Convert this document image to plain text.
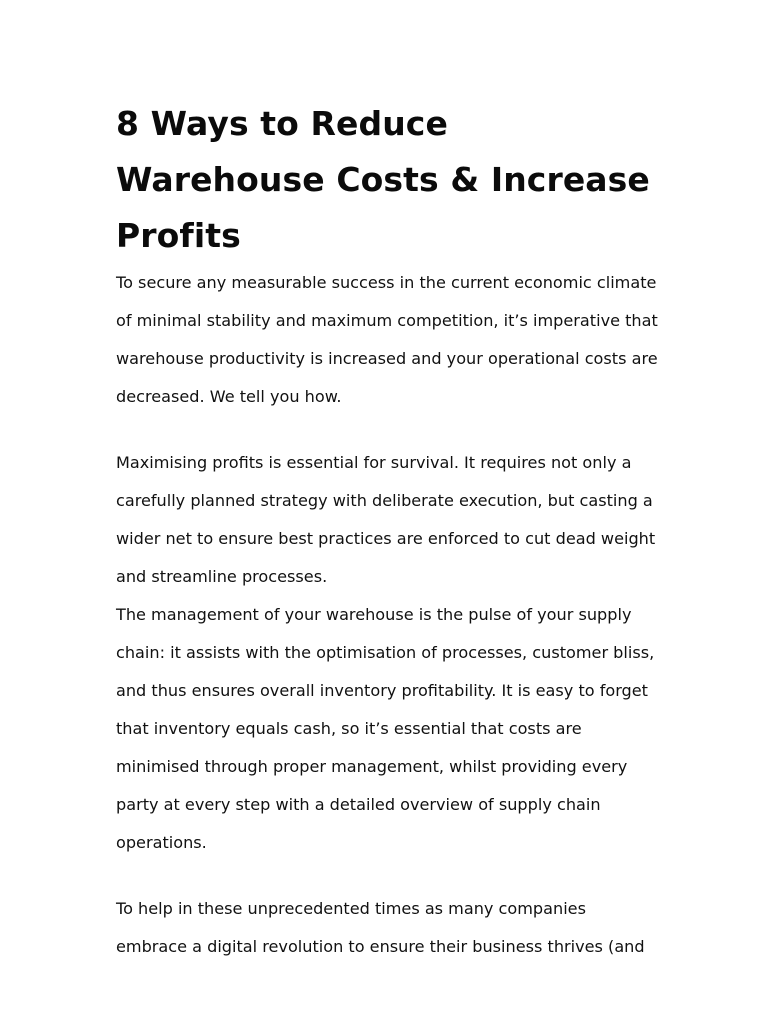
8 Ways to Reduce Warehouse Costs & Increase Profits

To secure any measurable success in the current economic climate of minimal stability and maximum competition, it’s imperative that warehouse productivity is increased and your operational costs are decreased. We tell you how.

Maximising profits is essential for survival. It requires not only a carefully planned strategy with deliberate execution, but casting a wider net to ensure best practices are enforced to cut dead weight and streamline processes.

The management of your warehouse is the pulse of your supply chain: it assists with the optimisation of processes, customer bliss, and thus ensures overall inventory profitability. It is easy to forget that inventory equals cash, so it’s essential that costs are minimised through proper management, whilst providing every party at every step with a detailed overview of supply chain operations.

To help in these unprecedented times as many companies embrace a digital revolution to ensure their business thrives (and
